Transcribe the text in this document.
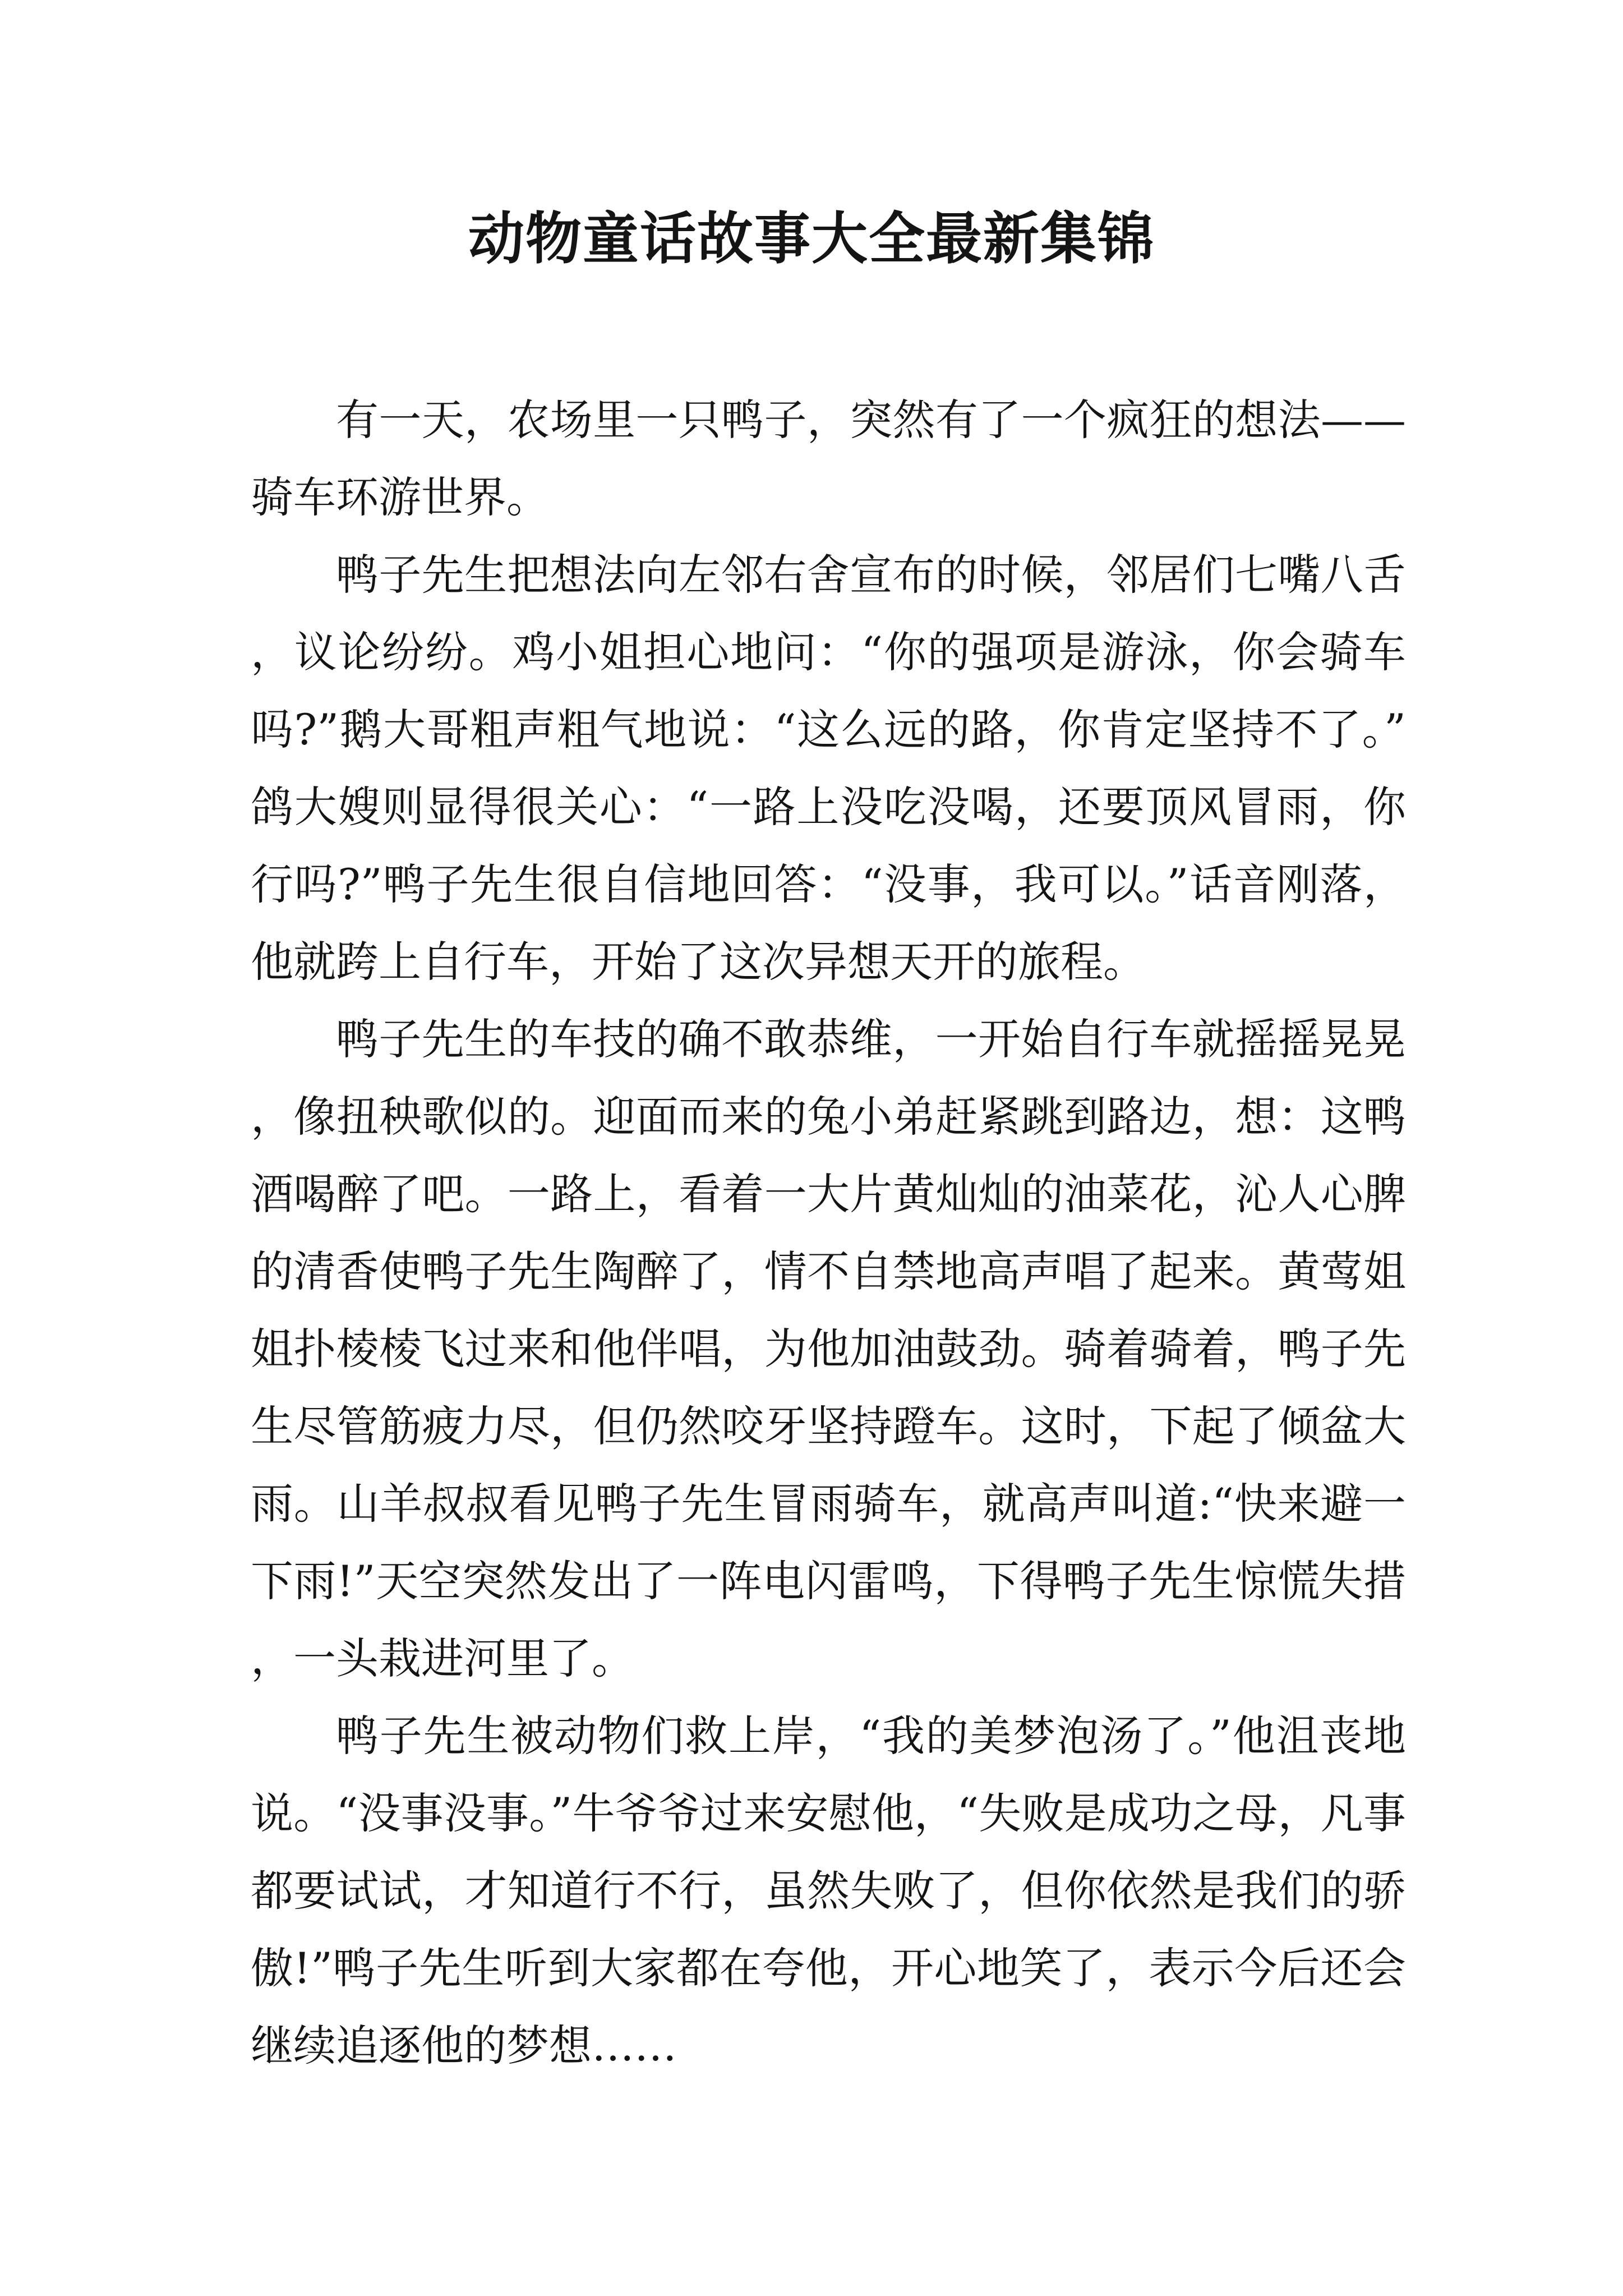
动物童话故事大全最新集锦

有一天，农场里一只鸭子，突然有了一个疯狂的想法——骑车环游世界。

鸭子先生把想法向左邻右舍宣布的时候，邻居们七嘴八舌，议论纷纷。鸡小姐担心地问：“你的强项是游泳，你会骑车吗?”鹅大哥粗声粗气地说：“这么远的路，你肯定坚持不了。”鸽大嫂则显得很关心：“一路上没吃没喝，还要顶风冒雨，你行吗?”鸭子先生很自信地回答：“没事，我可以。”话音刚落，他就跨上自行车，开始了这次异想天开的旅程。

鸭子先生的车技的确不敢恭维，一开始自行车就摇摇晃晃，像扭秧歌似的。迎面而来的兔小弟赶紧跳到路边，想：这鸭酒喝醉了吧。一路上，看着一大片黄灿灿的油菜花，沁人心脾的清香使鸭子先生陶醉了，情不自禁地高声唱了起来。黄莺姐姐扑棱棱飞过来和他伴唱，为他加油鼓劲。骑着骑着，鸭子先生尽管筋疲力尽，但仍然咬牙坚持蹬车。这时，下起了倾盆大雨。山羊叔叔看见鸭子先生冒雨骑车，就高声叫道:“快来避一下雨!”天空突然发出了一阵电闪雷鸣，下得鸭子先生惊慌失措，一头栽进河里了。

鸭子先生被动物们救上岸，“我的美梦泡汤了。”他沮丧地说。“没事没事。”牛爷爷过来安慰他，“失败是成功之母，凡事都要试试，才知道行不行，虽然失败了，但你依然是我们的骄傲!”鸭子先生听到大家都在夸他，开心地笑了，表示今后还会继续追逐他的梦想……
